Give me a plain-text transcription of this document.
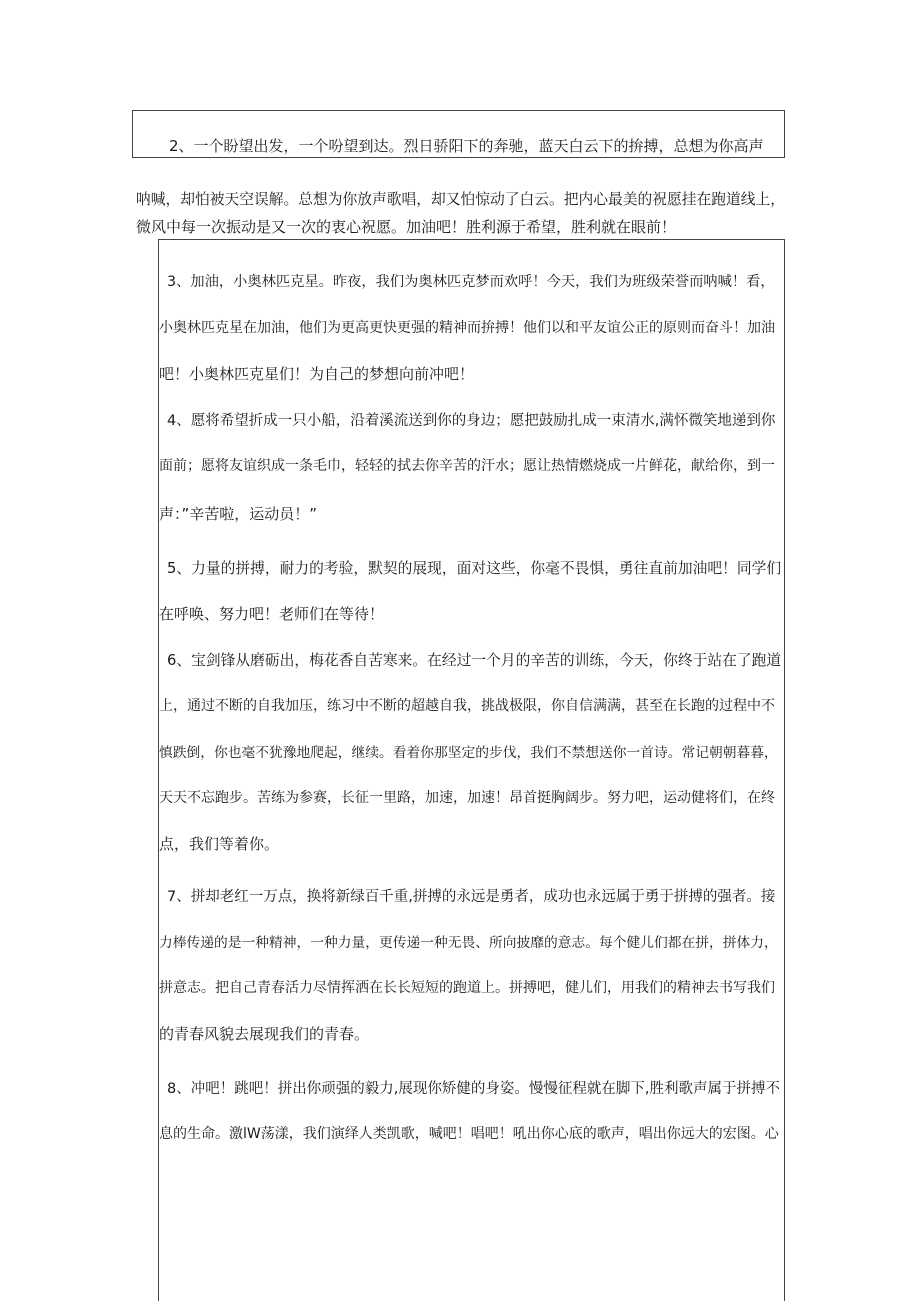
2、一个盼望出发，一个吩望到达。烈日骄阳下的奔驰，蓝天白云下的拚搏，总想为你高声
呐喊，却怕被天空误解。总想为你放声歌唱，却又怕惊动了白云。把内心最美的祝愿挂在跑道线上，
微风中每一次振动是又一次的衷心祝愿。加油吧！胜利源于希望，胜利就在眼前！
3、加油，小奥林匹克星。昨夜，我们为奥林匹克梦而欢呼！今天，我们为班级荣誉而呐喊！看，
小奥林匹克星在加油，他们为更高更快更强的精神而拚搏！他们以和平友谊公正的原则而奋斗！加油
吧！小奥林匹克星们！为自己的梦想向前冲吧！
4、愿将希望折成一只小船，沿着溪流送到你的身边；愿把鼓励扎成一束清水,满怀微笑地递到你
面前；愿将友谊织成一条毛巾，轻轻的拭去你辛苦的汗水；愿让热情燃烧成一片鲜花，献给你，到一
声：”辛苦啦，运动员！”
5、力量的拼搏，耐力的考验，默契的展现，面对这些，你毫不畏惧，勇往直前加油吧！同学们
在呼唤、努力吧！老师们在等待！
6、宝剑锋从磨砺出，梅花香自苦寒来。在经过一个月的辛苦的训练，今天，你终于站在了跑道
上，通过不断的自我加压，练习中不断的超越自我，挑战极限，你自信满满，甚至在长跑的过程中不
慎跌倒，你也毫不犹豫地爬起，继续。看着你那坚定的步伐，我们不禁想送你一首诗。常记朝朝暮暮，
天天不忘跑步。苦练为参赛，长征一里路，加速，加速！昂首挺胸阔步。努力吧，运动健将们，在终
点，我们等着你。
7、拼却老红一万点，换将新绿百千重,拼搏的永远是勇者，成功也永远属于勇于拼搏的强者。接
力棒传递的是一种精神，一种力量，更传递一种无畏、所向披靡的意志。每个健儿们都在拼，拼体力，
拼意志。把自己青春活力尽情挥洒在长长短短的跑道上。拼搏吧，健儿们，用我们的精神去书写我们
的青春风貌去展现我们的青春。
8、冲吧！跳吧！拼出你顽强的毅力,展现你矫健的身姿。慢慢征程就在脚下,胜利歌声属于拼搏不
息的生命。激lW荡漾，我们演绎人类凯歌，喊吧！唱吧！吼出你心底的歌声，唱出你远大的宏图。心
